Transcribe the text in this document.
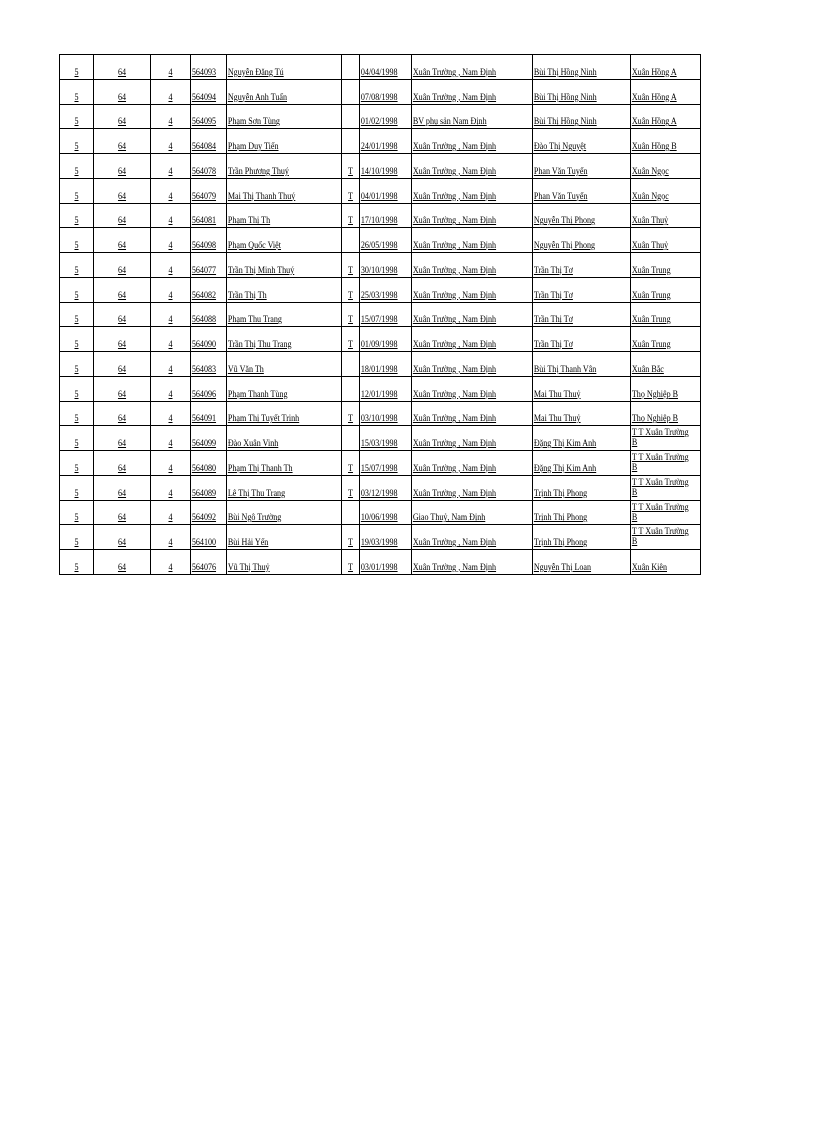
5	64	4	564093	Nguyễn Đăng Tú		04/04/1998	Xuân Trường , Nam Định	Bùi Thị Hồng Ninh	Xuân Hồng A

5	64	4	564094	Nguyễn Anh Tuấn		07/08/1998	Xuân Trường , Nam Định	Bùi Thị Hồng Ninh	Xuân Hồng A

5	64	4	564095	Phạm Sơn Tùng		01/02/1998	BV phụ sản Nam Định	Bùi Thị Hồng Ninh	Xuân Hồng A

5	64	4	564084	Phạm Duy Tiến		24/01/1998	Xuân Trường , Nam Định	Đào Thị Nguyệt	Xuân Hồng B

5	64	4	564078	Trần Phương Thuý	T	14/10/1998	Xuân Trường , Nam Định	Phan Văn Tuyển	Xuân Ngọc

5	64	4	564079	Mai Thị Thanh Thuý	T	04/01/1998	Xuân Trường , Nam Định	Phan Văn Tuyển	Xuân Ngọc

5	64	4	564081	Phạm Thị Th	T	17/10/1998	Xuân Trường , Nam Định	Nguyễn Thị Phong	Xuân Thuỷ

5	64	4	564098	Phạm Quốc Việt		26/05/1998	Xuân Trường , Nam Định	Nguyễn Thị Phong	Xuân Thuỷ

5	64	4	564077	Trần Thị Minh Thuý	T	30/10/1998	Xuân Trường , Nam Định	Trần Thị Tơ	Xuân Trung

5	64	4	564082	Trần Thị Th	T	25/03/1998	Xuân Trường , Nam Định	Trần Thị Tơ	Xuân Trung

5	64	4	564088	Phạm Thu Trang	T	15/07/1998	Xuân Trường , Nam Định	Trần Thị Tơ	Xuân Trung

5	64	4	564090	Trần Thị Thu Trang	T	01/09/1998	Xuân Trường , Nam Định	Trần Thị Tơ	Xuân Trung

5	64	4	564083	Vũ Văn Th		18/01/1998	Xuân Trường , Nam Định	Bùi Thị Thanh Vân	Xuân Bắc

5	64	4	564096	Phạm Thanh Tùng		12/01/1998	Xuân Trường , Nam Định	Mai Thu Thuỷ	Thọ Nghiệp B

5	64	4	564091	Phạm Thị Tuyết Trinh	T	03/10/1998	Xuân Trường , Nam Định	Mai Thu Thuỷ	Thọ Nghiệp B

5	64	4	564099	Đào Xuân Vinh		15/03/1998	Xuân Trường , Nam Định	Đặng Thị Kim Anh	T T Xuân Trường B

5	64	4	564080	Phạm Thị Thanh Th	T	15/07/1998	Xuân Trường , Nam Định	Đặng Thị Kim Anh	T T Xuân Trường B

5	64	4	564089	Lê Thị Thu Trang	T	03/12/1998	Xuân Trường , Nam Định	Trịnh Thị Phong	T T Xuân Trường B

5	64	4	564092	Bùi Ngô Trường		10/06/1998	Giao Thuỷ, Nam Định	Trịnh Thị Phong	T T Xuân Trường B

5	64	4	564100	Bùi Hải Yến	T	19/03/1998	Xuân Trường , Nam Định	Trịnh Thị Phong	T T Xuân Trường B

5	64	4	564076	Vũ Thị Thuỷ	T	03/01/1998	Xuân Trường , Nam Định	Nguyễn Thị Loan	Xuân Kiên
